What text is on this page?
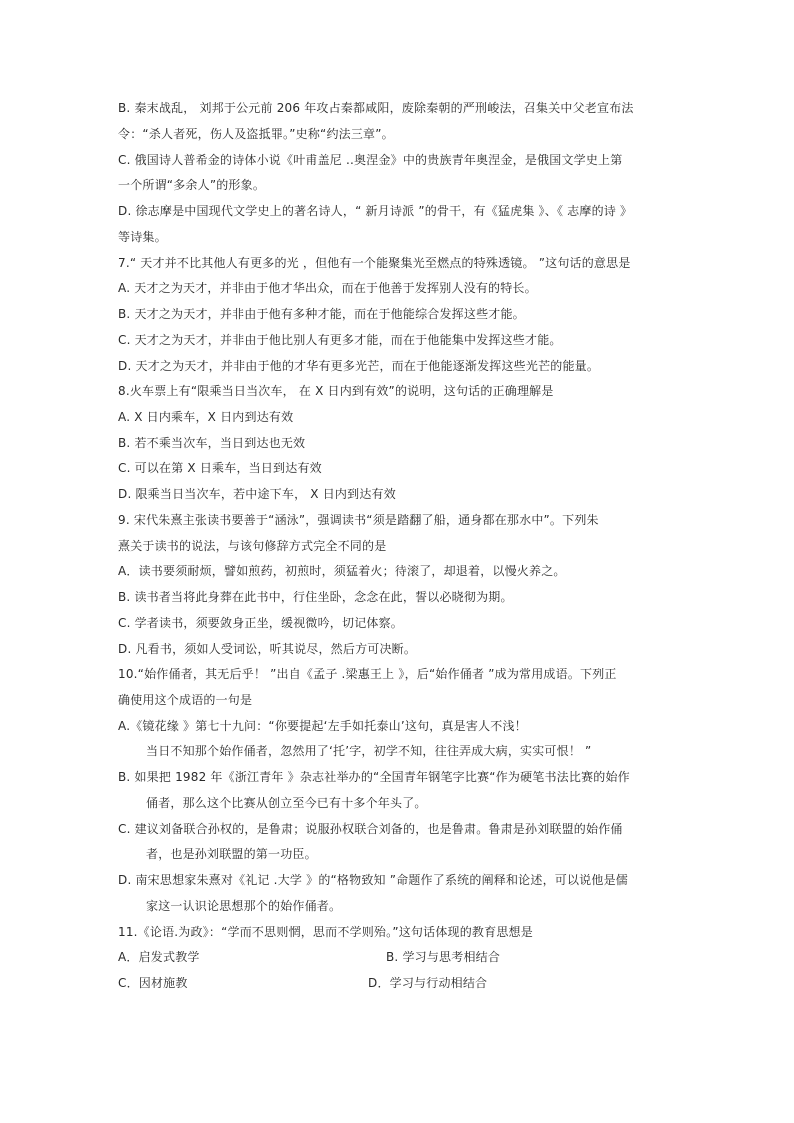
B. 秦末战乱， 刘邦于公元前 206 年攻占秦都咸阳，废除秦朝的严刑峻法，召集关中父老宣布法
令：“杀人者死，伤人及盗抵罪。”史称“约法三章”。
C. 俄国诗人普希金的诗体小说《叶甫盖尼 ..奥涅金》中的贵族青年奥涅金，是俄国文学史上第
一个所谓“多余人”的形象。
D. 徐志摩是中国现代文学史上的著名诗人，“ 新月诗派 ”的骨干，有《猛虎集 》、《 志摩的诗 》
等诗集。
7.“ 天才并不比其他人有更多的光 ，但他有一个能聚集光至燃点的特殊透镜。 ”这句话的意思是
A. 天才之为天才，并非由于他才华出众，而在于他善于发挥别人没有的特长。
B. 天才之为天才，并非由于他有多种才能，而在于他能综合发挥这些才能。
C. 天才之为天才，并非由于他比别人有更多才能，而在于他能集中发挥这些才能。
D. 天才之为天才，并非由于他的才华有更多光芒，而在于他能逐渐发挥这些光芒的能量。
8.火车票上有“限乘当日当次车， 在 X 日内到有效”的说明，这句话的正确理解是
A. X 日内乘车，X 日内到达有效
B. 若不乘当次车，当日到达也无效
C. 可以在第 X 日乘车，当日到达有效
D. 限乘当日当次车，若中途下车， X 日内到达有效
9. 宋代朱熹主张读书要善于“涵泳”，强调读书“须是踏翻了船，通身都在那水中”。下列朱
熹关于读书的说法，与该句修辞方式完全不同的是
A．读书要须耐烦，譬如煎药，初煎时，须猛着火；待滚了，却退着，以慢火养之。
B. 读书者当将此身葬在此书中，行住坐卧，念念在此，誓以必晓彻为期。
C. 学者读书，须要敛身正坐，缓视微吟，切记体察。
D. 凡看书，须如人受词讼，听其说尽，然后方可决断。
10.“始作俑者，其无后乎！ ”出自《孟子 .梁惠王上 》，后“始作俑者 ”成为常用成语。下列正
确使用这个成语的一句是
A.《镜花缘 》第七十九问：“你要提起‘左手如托泰山’这句，真是害人不浅！
当日不知那个始作俑者，忽然用了‘托’字，初学不知，往往弄成大病，实实可恨！ ”
B. 如果把 1982 年《浙江青年 》杂志社举办的“全国青年钢笔字比赛“作为硬笔书法比赛的始作
俑者，那么这个比赛从创立至今已有十多个年头了。
C. 建议刘备联合孙权的，是鲁肃；说服孙权联合刘备的，也是鲁肃。鲁肃是孙刘联盟的始作俑
者，也是孙刘联盟的第一功臣。
D. 南宋思想家朱熹对《礼记 .大学 》的“格物致知 ”命题作了系统的阐释和论述，可以说他是儒
家这一认识论思想那个的始作俑者。
11.《论语.为政》：“学而不思则惘，思而不学则殆。”这句话体现的教育思想是
A．启发式教学	B. 学习与思考相结合
C．因材施教	D．学习与行动相结合
